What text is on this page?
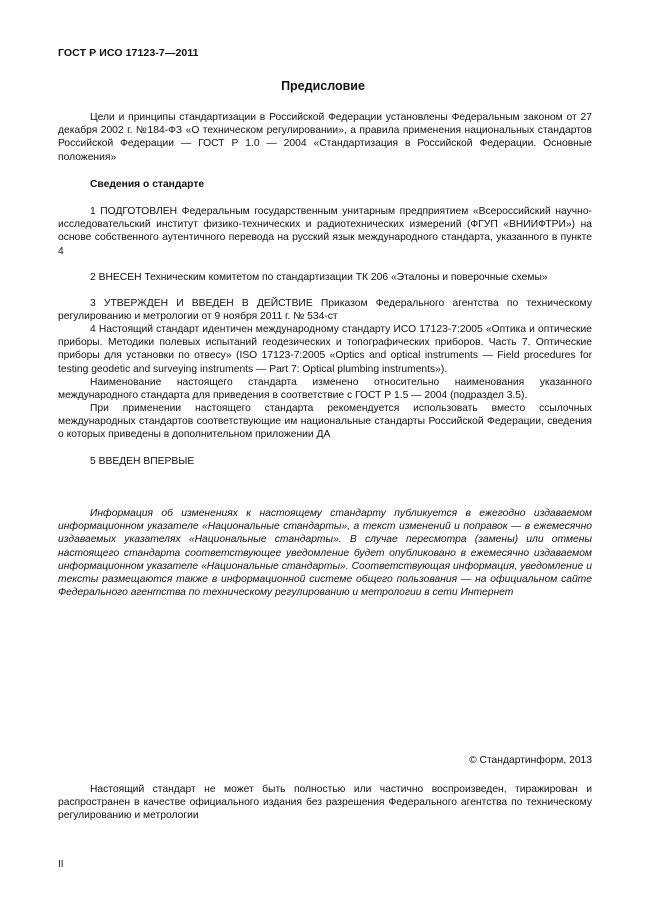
ГОСТ Р ИСО 17123-7—2011
Предисловие

Цели и принципы стандартизации в Российской Федерации установлены Федеральным законом от 27 декабря 2002 г. №184-ФЗ «О техническом регулировании», а правила применения национальных стандартов Российской Федерации — ГОСТ Р 1.0 — 2004 «Стандартизация в Российской Федерации. Основные положения»

Сведения о стандарте

1 ПОДГОТОВЛЕН Федеральным государственным унитарным предприятием «Всероссийский научно-исследовательский институт физико-технических и радиотехнических измерений (ФГУП «ВНИИФТРИ») на основе собственного аутентичного перевода на русский язык международного стандарта, указанного в пункте 4

2 ВНЕСЕН Техническим комитетом по стандартизации ТК 206 «Эталоны и поверочные схемы»

3 УТВЕРЖДЕН И ВВЕДЕН В ДЕЙСТВИЕ Приказом Федерального агентства по техническому регулированию и метрологии от 9 ноября 2011 г. № 534-ст

4 Настоящий стандарт идентичен международному стандарту ИСО 17123-7:2005 «Оптика и оптические приборы. Методики полевых испытаний геодезических и топографических приборов. Часть 7. Оптические приборы для установки по отвесу» (ISO 17123-7:2005 «Optics and optical instruments — Field procedures for testing geodetic and surveying instruments — Part 7: Optical plumbing instruments»).

Наименование настоящего стандарта изменено относительно наименования указанного международного стандарта для приведения в соответствие с ГОСТ Р 1.5 — 2004 (подраздел 3.5).

При применении настоящего стандарта рекомендуется использовать вместо ссылочных международных стандартов соответствующие им национальные стандарты Российской Федерации, сведения о которых приведены в дополнительном приложении ДА

5 ВВЕДЕН ВПЕРВЫЕ

Информация об изменениях к настоящему стандарту публикуется в ежегодно издаваемом информационном указателе «Национальные стандарты», а текст изменений и поправок — в ежемесячно издаваемых указателях «Национальные стандарты». В случае пересмотра (замены) или отмены настоящего стандарта соответствующее уведомление будет опубликовано в ежемесячно издаваемом информационном указателе «Национальные стандарты». Соответствующая информация, уведомление и тексты размещаются также в информационной системе общего пользования — на официальном сайте Федерального агентства по техническому регулированию и метрологии в сети Интернет

© Стандартинформ, 2013

Настоящий стандарт не может быть полностью или частично воспроизведен, тиражирован и распространен в качестве официального издания без разрешения Федерального агентства по техническому регулированию и метрологии

II
